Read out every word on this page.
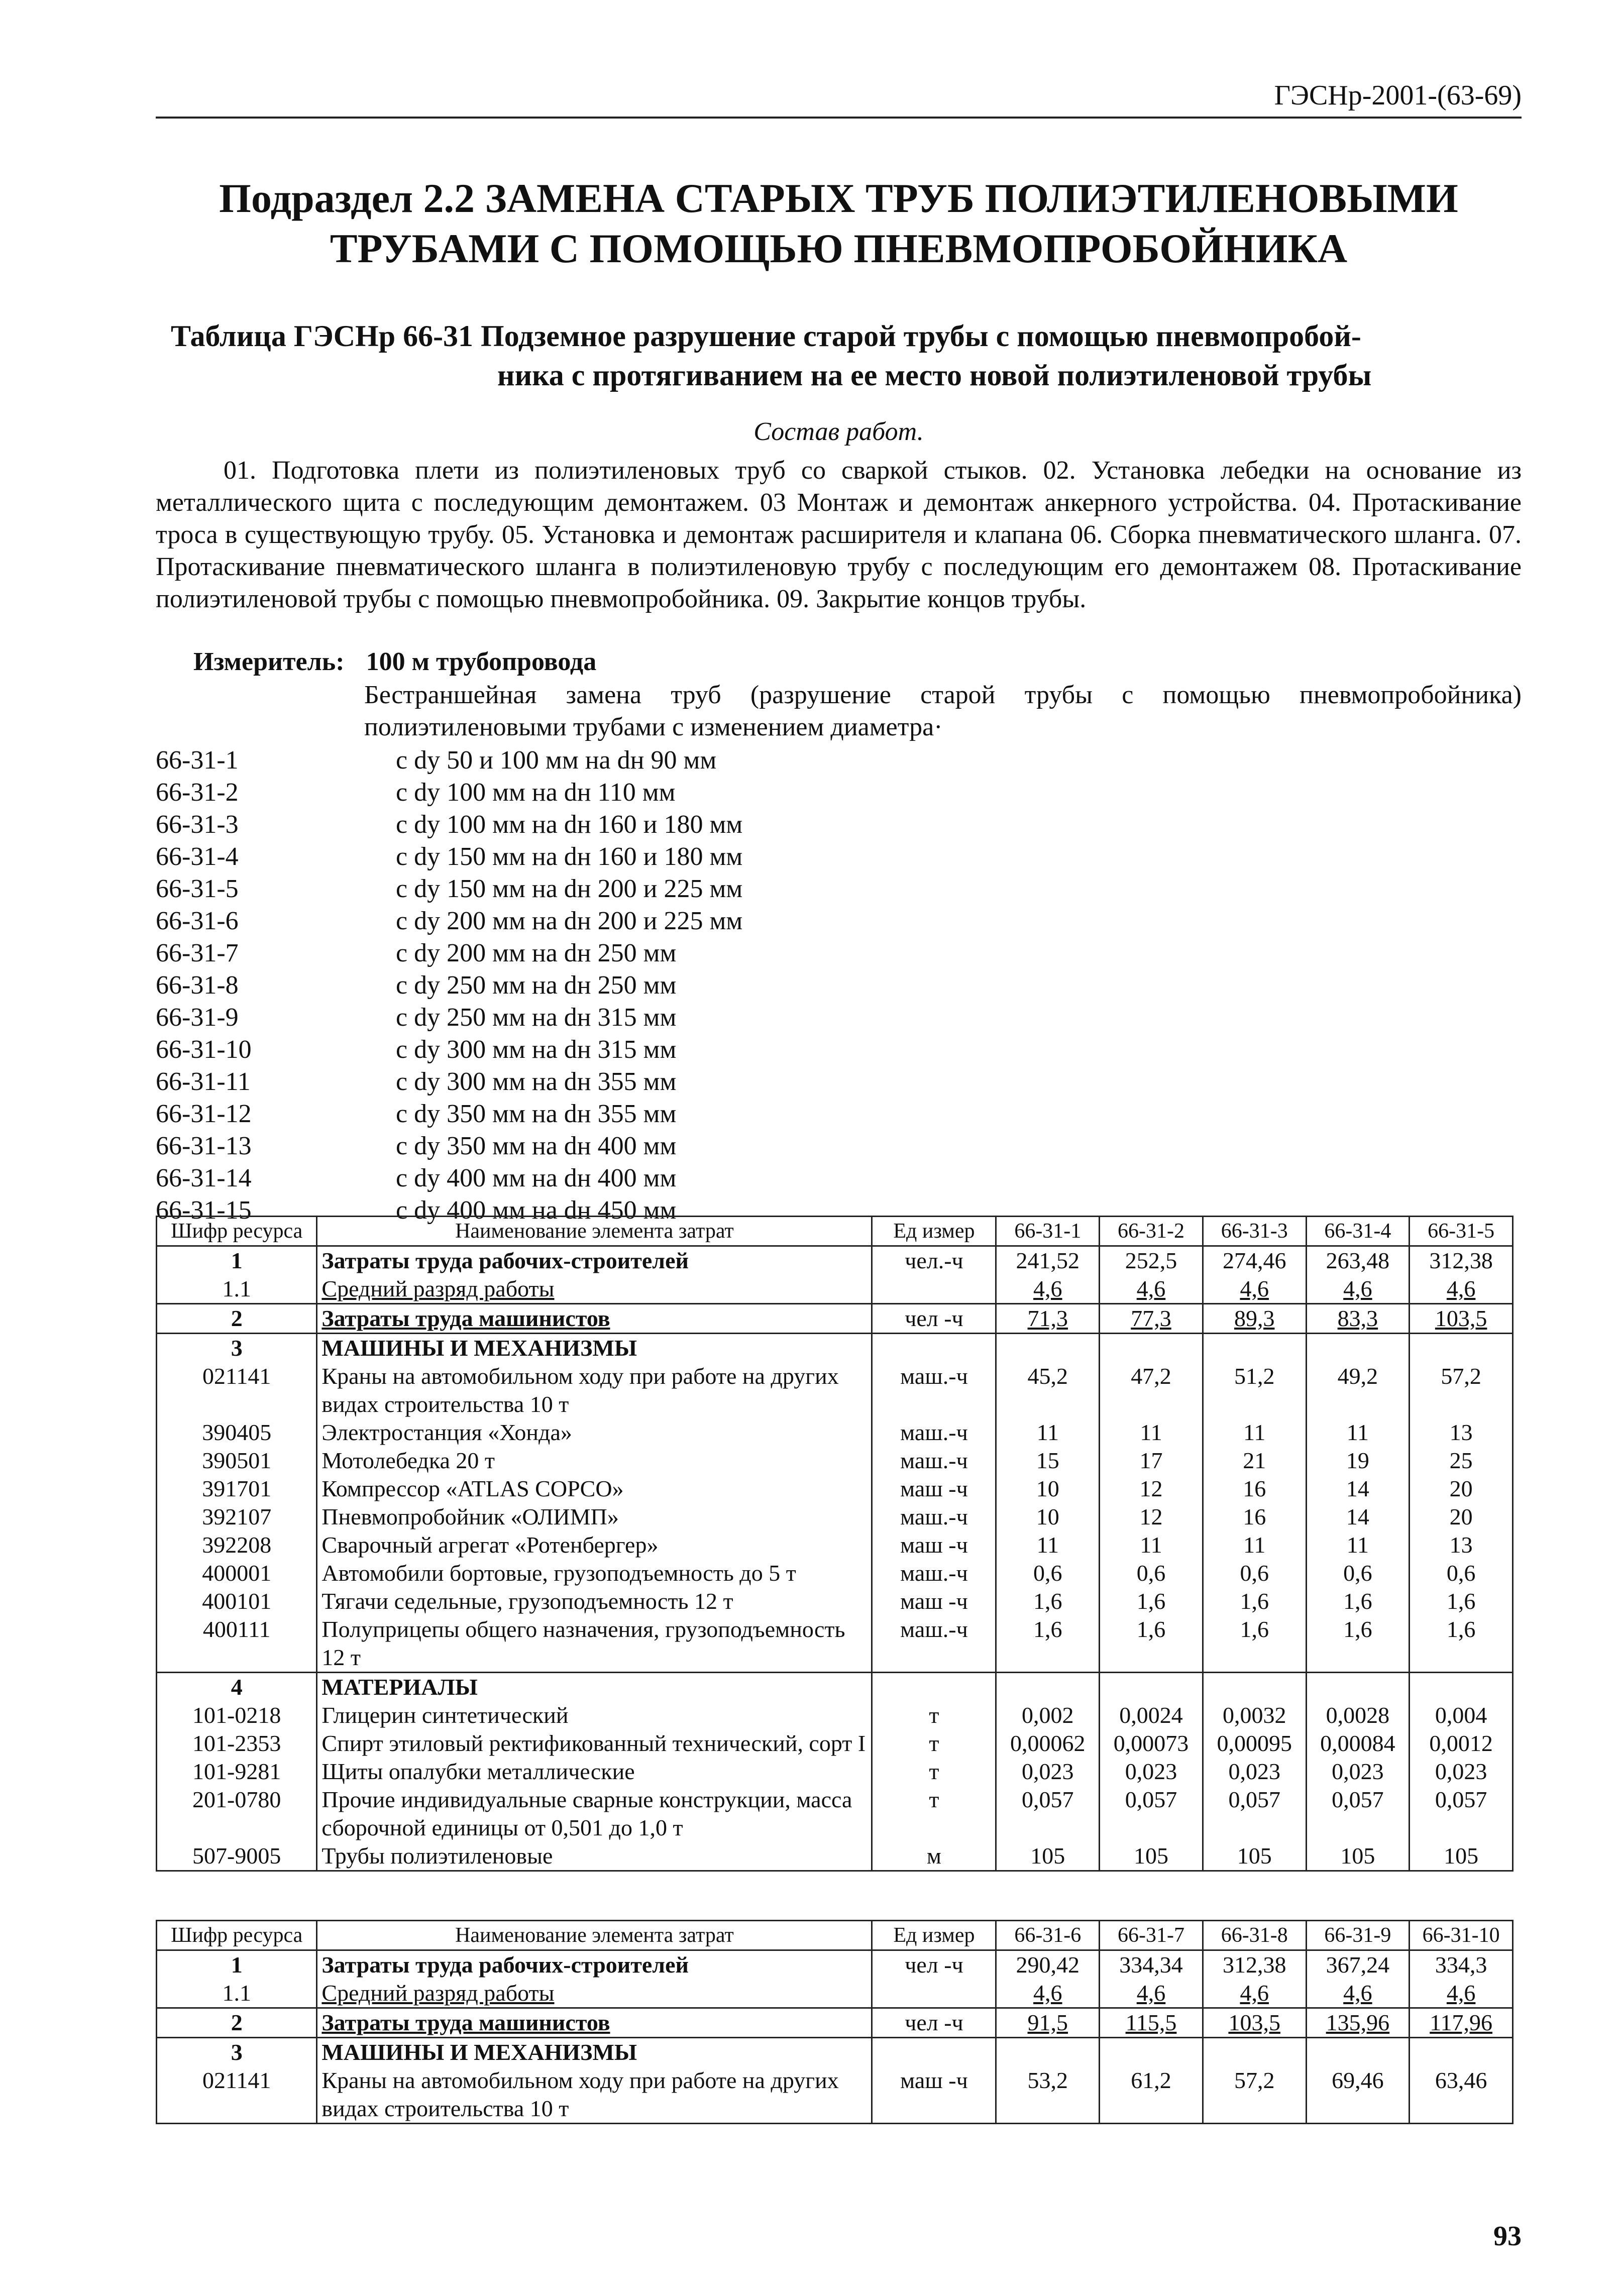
ГЭСНр-2001-(63-69)
Подраздел 2.2 ЗАМЕНА СТАРЫХ ТРУБ ПОЛИЭТИЛЕНОВЫМИ
ТРУБАМИ С ПОМОЩЬЮ ПНЕВМОПРОБОЙНИКА
Таблица ГЭСНр 66-31 Подземное разрушение старой трубы с помощью пневмопробой-
ника с протягиванием на ее место новой полиэтиленовой трубы
Состав работ.
01. Подготовка плети из полиэтиленовых труб со сваркой стыков. 02. Установка лебедки на основание из металлического щита с последующим демонтажем. 03 Монтаж и демонтаж анкерного устройства. 04. Протаскивание троса в существующую трубу. 05. Установка и демонтаж расширителя и клапана 06. Сборка пневматического шланга. 07. Протаскивание пневматического шланга в полиэтиленовую трубу с последующим его демонтажем 08. Протаскивание полиэтиленовой трубы с помощью пневмопробойника. 09. Закрытие концов трубы.
Измеритель: 100 м трубопровода
Бестраншейная замена труб (разрушение старой трубы с помощью пневмопробойника) полиэтиленовыми трубами с изменением диаметра·
66-31-1	с dy 50 и 100 мм на dн 90 мм
66-31-2	с dy 100 мм на dн 110 мм
66-31-3	с dy 100 мм на dн 160 и 180 мм
66-31-4	с dy 150 мм на dн 160 и 180 мм
66-31-5	с dy 150 мм на dн 200 и 225 мм
66-31-6	с dy 200 мм на dн 200 и 225 мм
66-31-7	с dy 200 мм на dн 250 мм
66-31-8	с dy 250 мм на dн 250 мм
66-31-9	с dy 250 мм на dн 315 мм
66-31-10	с dy 300 мм на dн 315 мм
66-31-11	с dy 300 мм на dн 355 мм
66-31-12	с dy 350 мм на dн 355 мм
66-31-13	с dy 350 мм на dн 400 мм
66-31-14	с dy 400 мм на dн 400 мм
66-31-15	с dy 400 мм на dн 450 мм
Шифр ресурса	Наименование элемента затрат	Ед измер	66-31-1	66-31-2	66-31-3	66-31-4	66-31-5
1	Затраты труда рабочих-строителей	чел.-ч	241,52	252,5	274,46	263,48	312,38
1.1	Средний разряд работы		4,6	4,6	4,6	4,6	4,6
2	Затраты труда машинистов	чел -ч	71,3	77,3	89,3	83,3	103,5
3	МАШИНЫ И МЕХАНИЗМЫ						
021141	Краны на автомобильном ходу при работе на других видах строительства 10 т	маш.-ч	45,2	47,2	51,2	49,2	57,2
390405	Электростанция «Хонда»	маш.-ч	11	11	11	11	13
390501	Мотолебедка 20 т	маш.-ч	15	17	21	19	25
391701	Компрессор «ATLAS COPCO»	маш -ч	10	12	16	14	20
392107	Пневмопробойник «ОЛИМП»	маш.-ч	10	12	16	14	20
392208	Сварочный агрегат «Ротенбергер»	маш -ч	11	11	11	11	13
400001	Автомобили бортовые, грузоподъемность до 5 т	маш.-ч	0,6	0,6	0,6	0,6	0,6
400101	Тягачи седельные, грузоподъемность 12 т	маш -ч	1,6	1,6	1,6	1,6	1,6
400111	Полуприцепы общего назначения, грузоподъемность 12 т	маш.-ч	1,6	1,6	1,6	1,6	1,6
4	МАТЕРИАЛЫ						
101-0218	Глицерин синтетический	т	0,002	0,0024	0,0032	0,0028	0,004
101-2353	Спирт этиловый ректификованный технический, сорт I	т	0,00062	0,00073	0,00095	0,00084	0,0012
101-9281	Щиты опалубки металлические	т	0,023	0,023	0,023	0,023	0,023
201-0780	Прочие индивидуальные сварные конструкции, масса сборочной единицы от 0,501 до 1,0 т	т	0,057	0,057	0,057	0,057	0,057
507-9005	Трубы полиэтиленовые	м	105	105	105	105	105
Шифр ресурса	Наименование элемента затрат	Ед измер	66-31-6	66-31-7	66-31-8	66-31-9	66-31-10
1	Затраты труда рабочих-строителей	чел -ч	290,42	334,34	312,38	367,24	334,3
1.1	Средний разряд работы		4,6	4,6	4,6	4,6	4,6
2	Затраты труда машинистов	чел -ч	91,5	115,5	103,5	135,96	117,96
3	МАШИНЫ И МЕХАНИЗМЫ						
021141	Краны на автомобильном ходу при работе на других видах строительства 10 т	маш -ч	53,2	61,2	57,2	69,46	63,46
93
